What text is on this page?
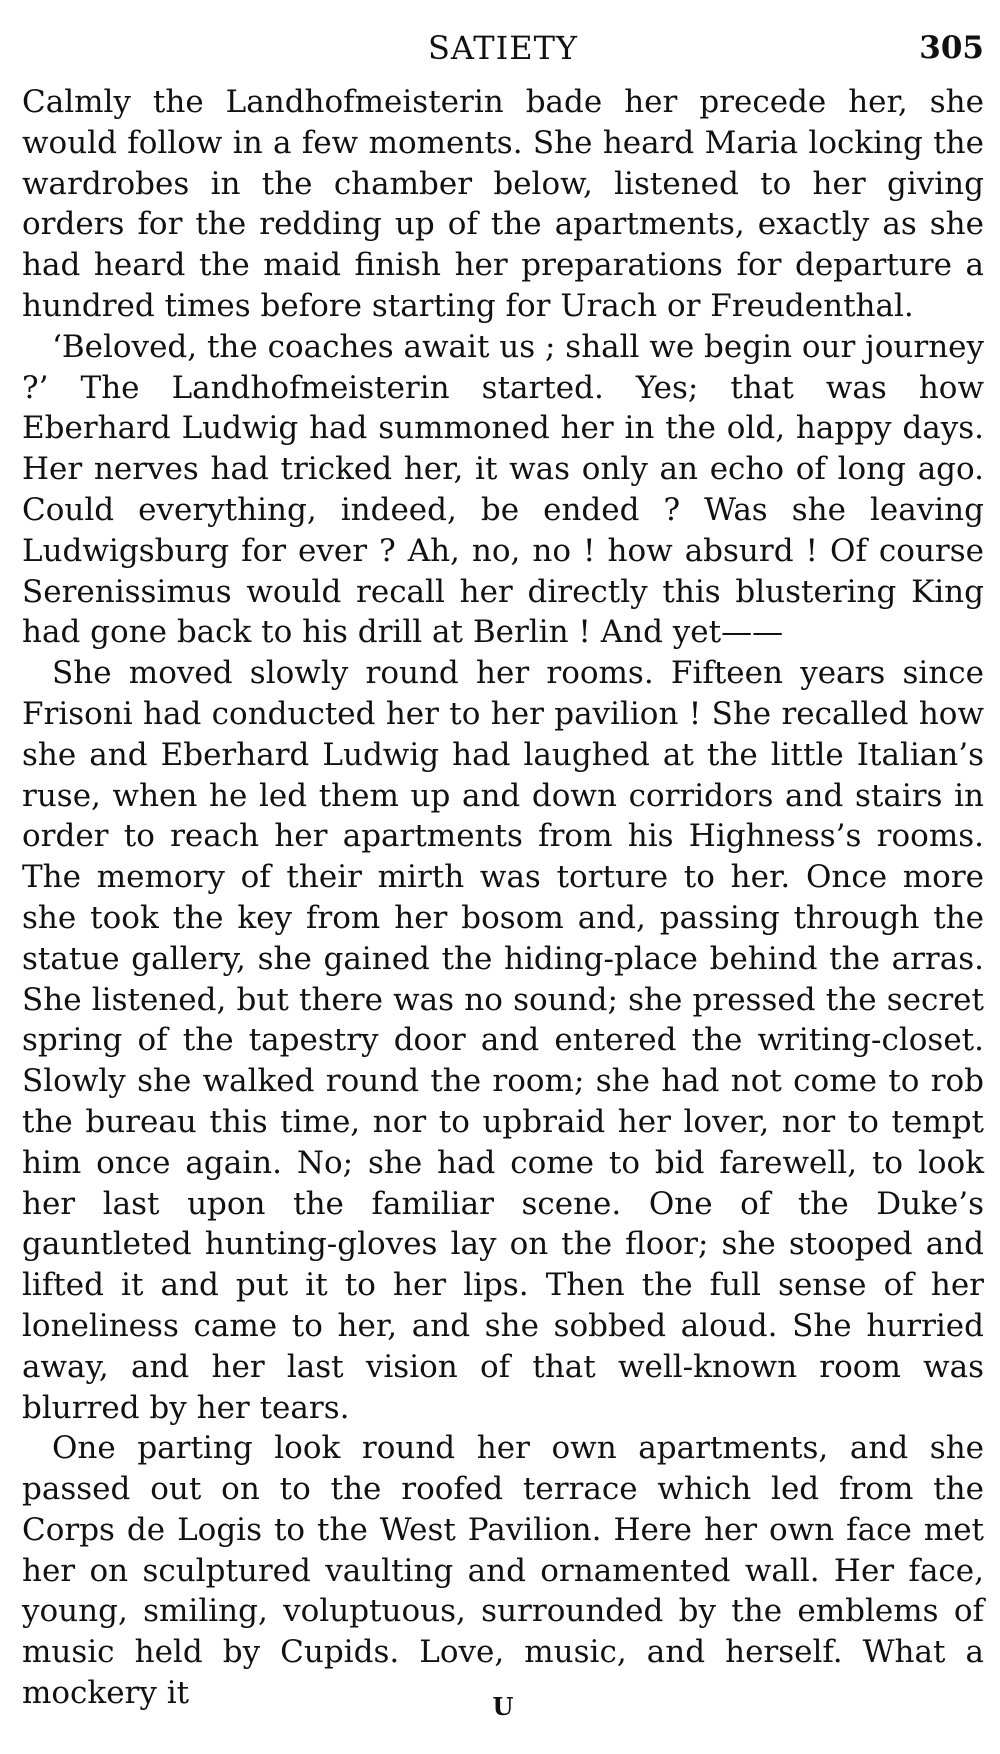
SATIETY	305

Calmly the Landhofmeisterin bade her precede her, she would follow in a few moments. She heard Maria locking the wardrobes in the chamber below, listened to her giving orders for the redding up of the apartments, exactly as she had heard the maid finish her preparations for departure a hundred times before starting for Urach or Freudenthal.

‘Beloved, the coaches await us ; shall we begin our journey ?’ The Landhofmeisterin started. Yes; that was how Eberhard Ludwig had summoned her in the old, happy days. Her nerves had tricked her, it was only an echo of long ago. Could everything, indeed, be ended ? Was she leaving Ludwigsburg for ever ? Ah, no, no ! how absurd ! Of course Serenissimus would recall her directly this blustering King had gone back to his drill at Berlin ! And yet——

She moved slowly round her rooms. Fifteen years since Frisoni had conducted her to her pavilion ! She recalled how she and Eberhard Ludwig had laughed at the little Italian’s ruse, when he led them up and down corridors and stairs in order to reach her apartments from his Highness’s rooms. The memory of their mirth was torture to her. Once more she took the key from her bosom and, passing through the statue gallery, she gained the hiding-place behind the arras. She listened, but there was no sound; she pressed the secret spring of the tapestry door and entered the writing-closet. Slowly she walked round the room; she had not come to rob the bureau this time, nor to upbraid her lover, nor to tempt him once again. No; she had come to bid farewell, to look her last upon the familiar scene. One of the Duke’s gauntleted hunting-gloves lay on the floor; she stooped and lifted it and put it to her lips. Then the full sense of her loneliness came to her, and she sobbed aloud. She hurried away, and her last vision of that well-known room was blurred by her tears.

One parting look round her own apartments, and she passed out on to the roofed terrace which led from the Corps de Logis to the West Pavilion. Here her own face met her on sculptured vaulting and ornamented wall. Her face, young, smiling, voluptuous, surrounded by the emblems of music held by Cupids. Love, music, and herself. What a mockery it	U
